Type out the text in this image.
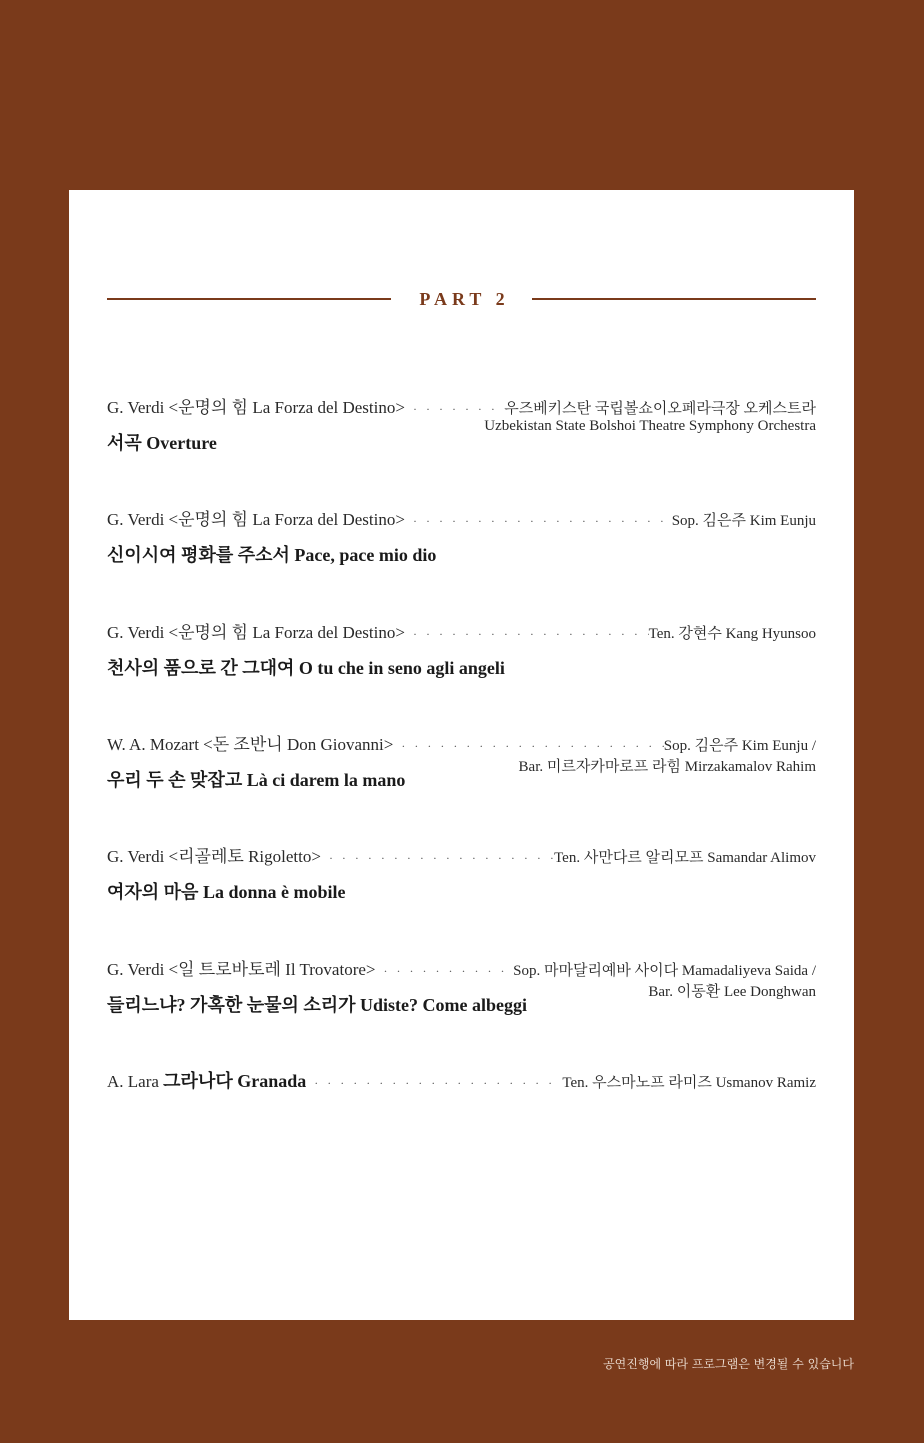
PART 2
G. Verdi <운명의 힘 La Forza del Destino> · · ·	우즈베키스탄 국립볼쇼이오페라극장 오케스트라
Uzbekistan State Bolshoi Theatre Symphony Orchestra
서곡 Overture
G. Verdi <운명의 힘 La Forza del Destino> · · ·	Sop. 김은주 Kim Eunju
신이시여 평화를 주소서 Pace, pace mio dio
G. Verdi <운명의 힘 La Forza del Destino> · · ·	Ten. 강현수 Kang Hyunsoo
천사의 품으로 간 그대여 O tu che in seno agli angeli
W. A. Mozart <돈 조반니 Don Giovanni> · · ·	Sop. 김은주 Kim Eunju /
Bar. 미르자카마로프 라힘 Mirzakamalov Rahim
우리 두 손 맞잡고 Là ci darem la mano
G. Verdi <리골레토 Rigoletto> · · ·	Ten. 사만다르 알리모프 Samandar Alimov
여자의 마음 La donna è mobile
G. Verdi <일 트로바토레 Il Trovatore> · · ·	Sop. 마마달리예바 사이다 Mamadaliyeva Saida /
Bar. 이동환 Lee Donghwan
들리느냐? 가혹한 눈물의 소리가 Udiste? Come albeggi
A. Lara 그라나다 Granada · · ·	Ten. 우스마노프 라미즈 Usmanov Ramiz
공연진행에 따라 프로그램은 변경될 수 있습니다
